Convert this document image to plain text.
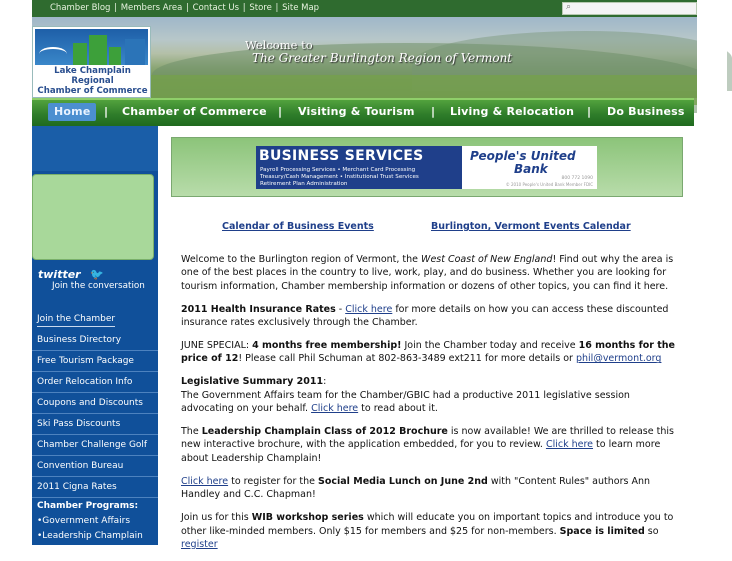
Chamber Blog | Members Area | Contact Us | Store | Site Map	⌕
Lake Champlain Regional
Chamber of Commerce
Welcome to
The Greater Burlington Region of Vermont
Home | Chamber of Commerce | Visiting & Tourism | Living & Relocation | Do Business
twitter 🐦
Join the conversation
Join the Chamber
Business Directory
Free Tourism Package
Order Relocation Info
Coupons and Discounts
Ski Pass Discounts
Chamber Challenge Golf
Convention Bureau
2011 Cigna Rates
Chamber Programs:
•Government Affairs
•Leadership Champlain
•Member Benefits
BUSINESS SERVICES
Payroll Processing Services • Merchant Card Processing
Treasury/Cash Management • Institutional Trust Services
Retirement Plan Administration
People's United
Bank
800 772 1090
© 2010 People's United Bank Member FDIC
Calendar of Business Events	Burlington, Vermont Events Calendar

Welcome to the Burlington region of Vermont, the West Coast of New England! Find out why the area is one of the best places in the country to live, work, play, and do business. Whether you are looking for tourism information, Chamber membership information or dozens of other topics, you can find it here.

2011 Health Insurance Rates - Click here for more details on how you can access these discounted insurance rates exclusively through the Chamber.

JUNE SPECIAL: 4 months free membership! Join the Chamber today and receive 16 months for the price of 12! Please call Phil Schuman at 802-863-3489 ext211 for more details or phil@vermont.org

Legislative Summary 2011:
The Government Affairs team for the Chamber/GBIC had a productive 2011 legislative session advocating on your behalf. Click here to read about it.

The Leadership Champlain Class of 2012 Brochure is now available! We are thrilled to release this new interactive brochure, with the application embedded, for you to review. Click here to learn more about Leadership Champlain!

Click here to register for the Social Media Lunch on June 2nd with "Content Rules" authors Ann Handley and C.C. Chapman!

Join us for this WIB workshop series which will educate you on important topics and introduce you to other like-minded members. Only $15 for members and $25 for non-members. Space is limited so register
